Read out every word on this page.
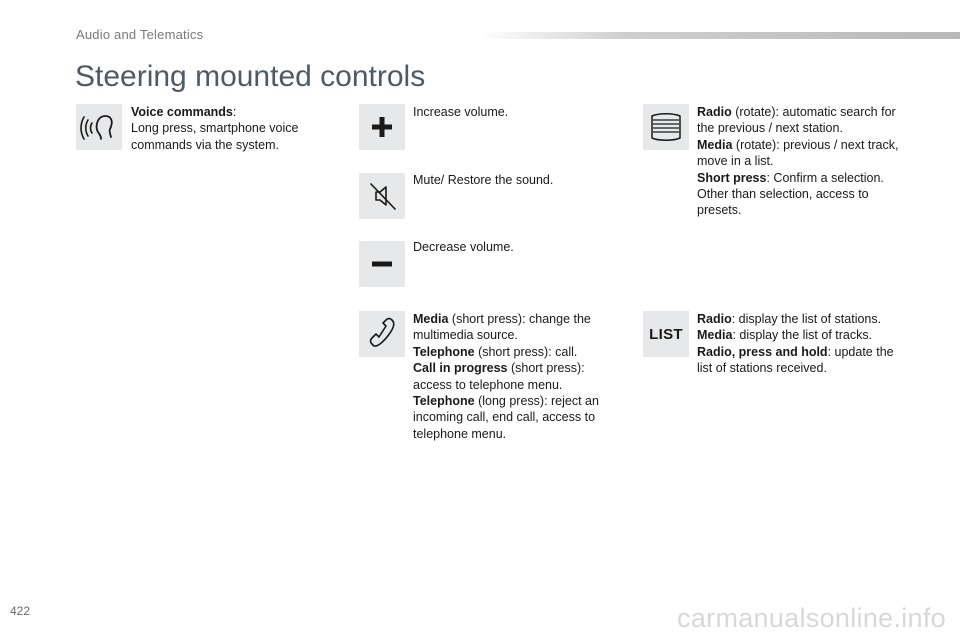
Audio and Telematics
Steering mounted controls
Voice commands:
Long press, smartphone voice commands via the system.
Increase volume.
Mute/ Restore the sound.
Decrease volume.
Media (short press): change the multimedia source.
Telephone (short press): call.
Call in progress (short press): access to telephone menu.
Telephone (long press): reject an incoming call, end call, access to telephone menu.
Radio (rotate): automatic search for the previous / next station.
Media (rotate): previous / next track, move in a list.
Short press: Confirm a selection. Other than selection, access to presets.
LIST
Radio: display the list of stations.
Media: display the list of tracks.
Radio, press and hold: update the list of stations received.
422	carmanualsonline.info
